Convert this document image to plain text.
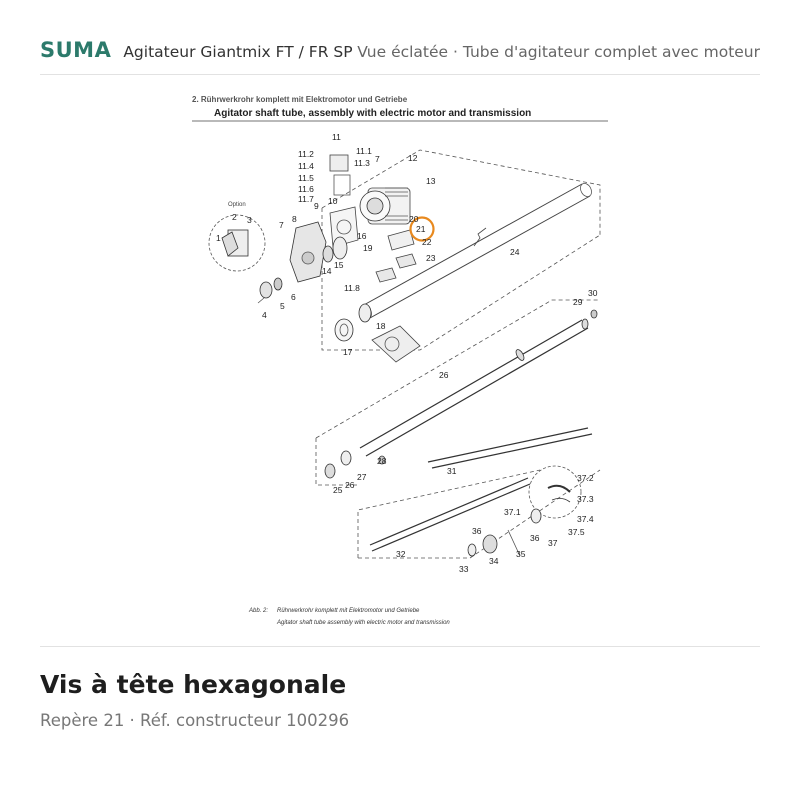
SUMA Agitateur Giantmix FT / FR SP Vue éclatée · Tube d'agitateur complet avec moteur
2. Rührwerkrohr komplett mit Elektromotor und Getriebe
Agitator shaft tube, assembly with electric motor and transmission
Option
1
2 3
4
5
6
7
7
8
9 10
11
11.1
11.2
11.3
11.4
11.5
11.6
11.7
11.8
12
13
14
15
16
17
18
19
20
21
22
23
24
25
26
26
27
28
29
30
31
32
33
34
35
36
36 37
37.1
37.2
37.3
37.4
37.5
Abb. 2: Rührwerkrohr komplett mit Elektromotor und Getriebe
Agitator shaft tube assembly with electric motor and transmission
Vis à tête hexagonale
Repère 21 · Réf. constructeur 100296
